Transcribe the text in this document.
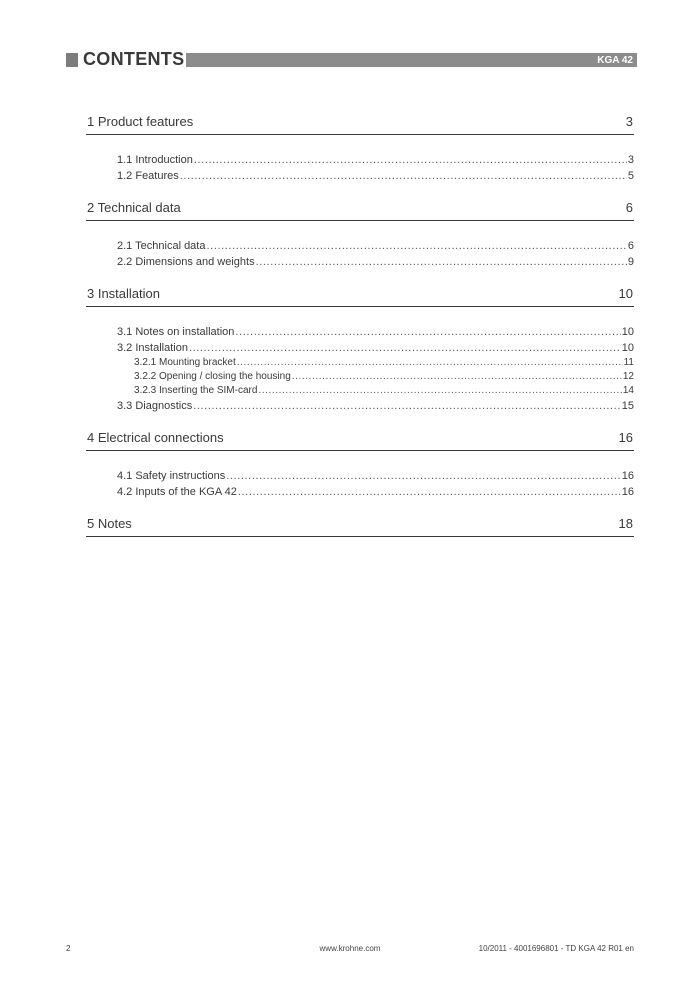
CONTENTS	KGA 42
1 Product features	3
1.1 Introduction .....	3
1.2 Features .....	5
2 Technical data	6
2.1 Technical data .....	6
2.2 Dimensions and weights .....	9
3 Installation	10
3.1 Notes on installation .....	10
3.2 Installation .....	10
3.2.1 Mounting bracket .....	11
3.2.2 Opening / closing the housing .....	12
3.2.3 Inserting the SIM-card .....	14
3.3 Diagnostics .....	15
4 Electrical connections	16
4.1 Safety instructions .....	16
4.2 Inputs of the KGA 42 .....	16
5 Notes	18
2	www.krohne.com	10/2011 - 4001696801 - TD KGA 42 R01 en
